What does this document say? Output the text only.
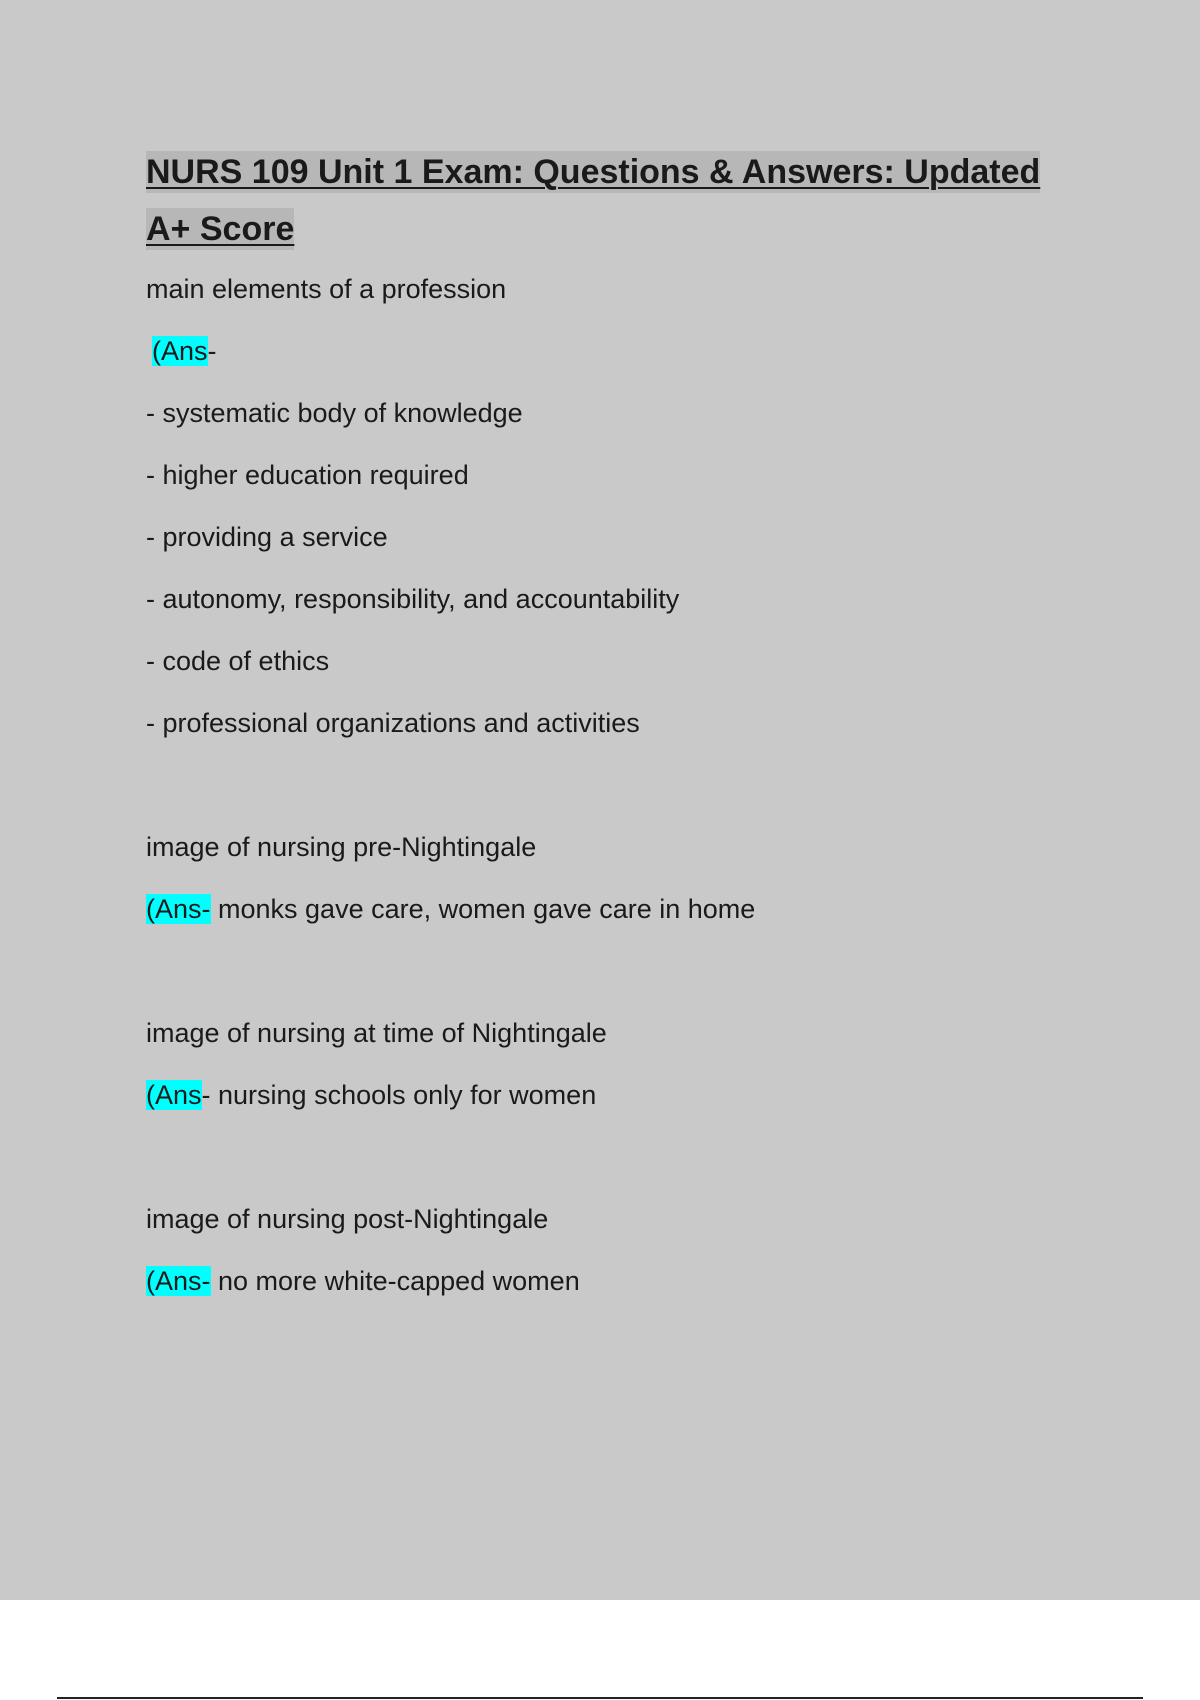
NURS 109 Unit 1 Exam: Questions & Answers: Updated A+ Score
main elements of a profession
(Ans-
- systematic body of knowledge
- higher education required
- providing a service
- autonomy, responsibility, and accountability
- code of ethics
- professional organizations and activities
image of nursing pre-Nightingale
(Ans- monks gave care, women gave care in home
image of nursing at time of Nightingale
(Ans- nursing schools only for women
image of nursing post-Nightingale
(Ans- no more white-capped women
